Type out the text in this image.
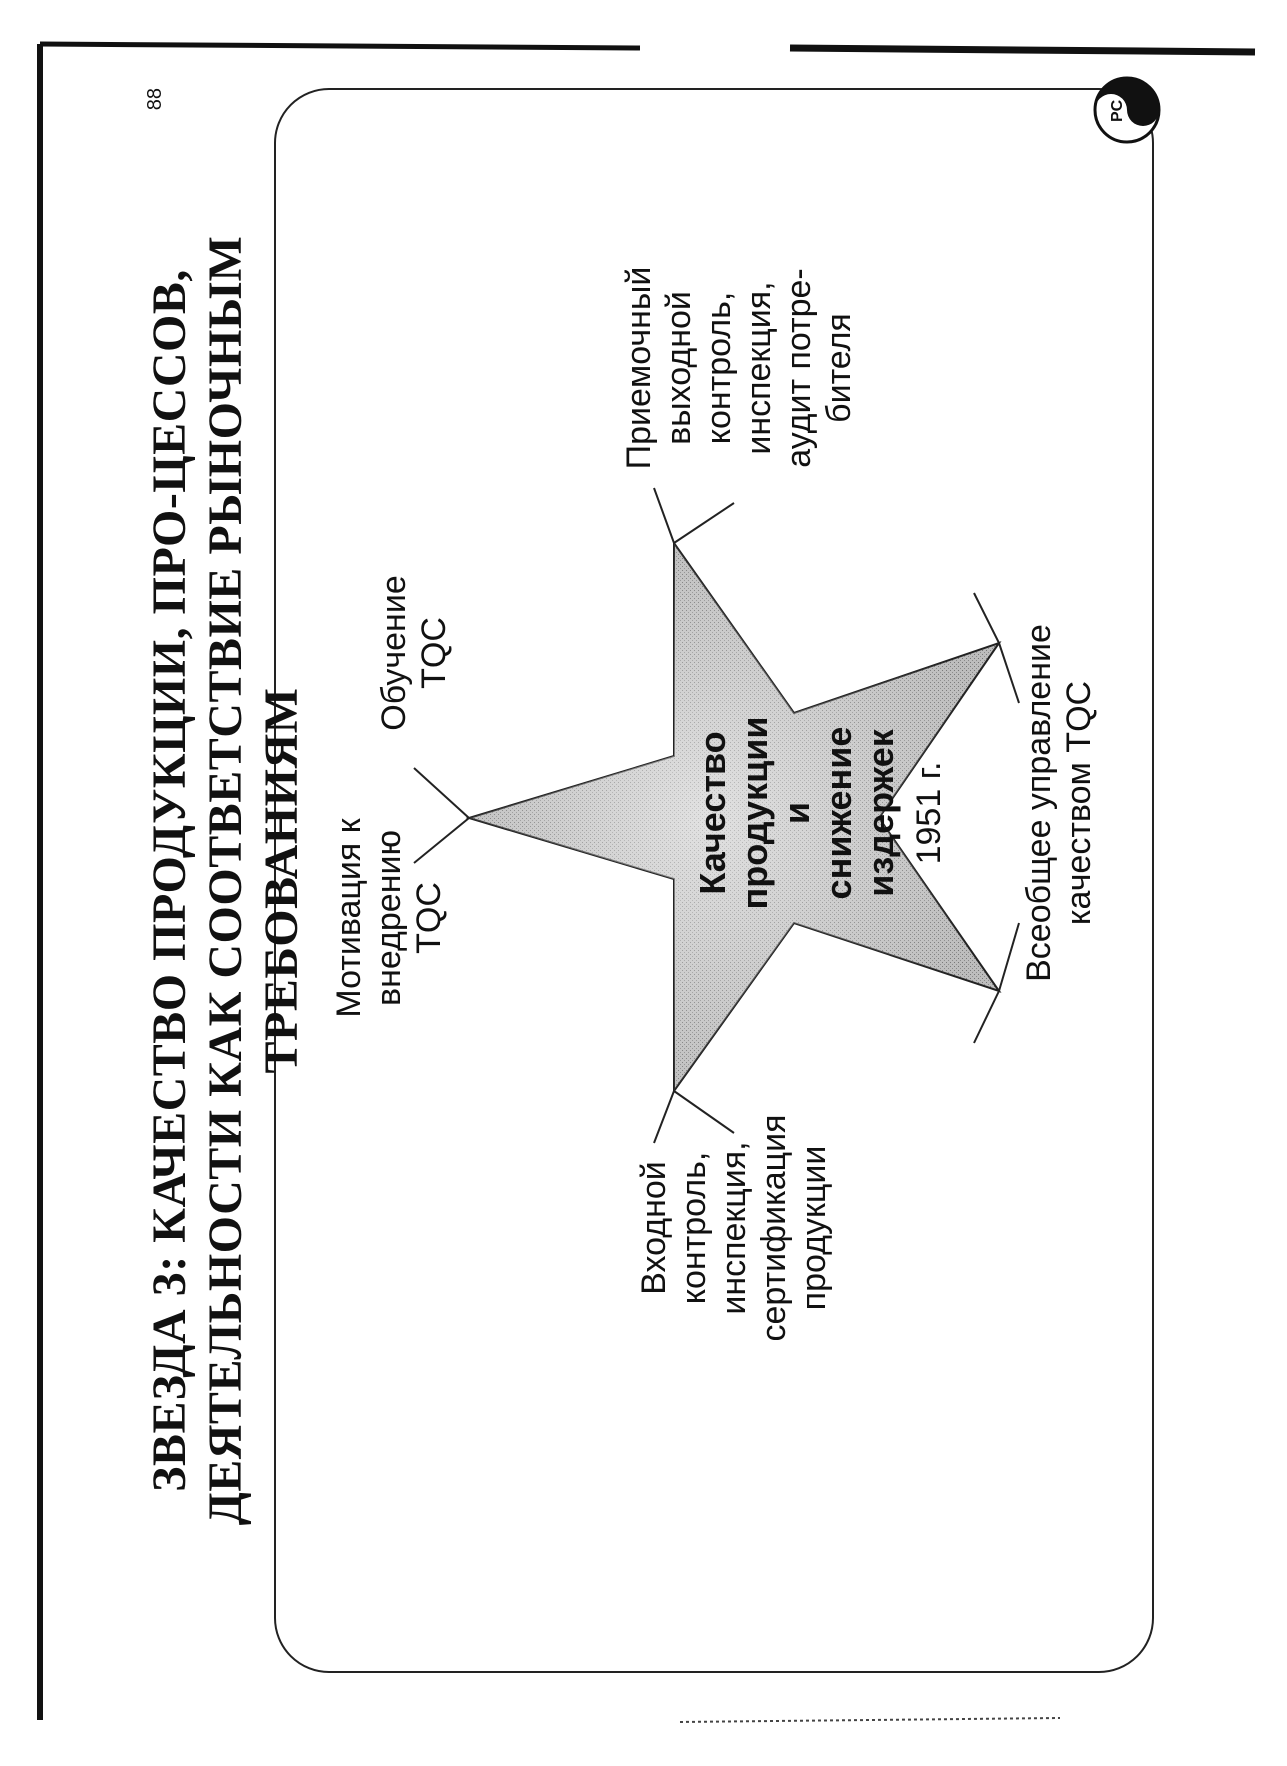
ЗВЕЗДА 3: КАЧЕСТВО ПРОДУКЦИИ, ПРО-ЦЕССОВ, ДЕЯТЕЛЬНОСТИ КАК СООТВЕТСТВИЕ РЫНОЧНЫМ ТРЕБОВАНИЯМ
88
Качество
продукции и
снижение
издержек
Мотивация к
внедрению
TQC
Обучение
TQC
Входной
контроль,
инспекция,
сертификация
продукции
Приемочный
выходной
контроль,
инспекция,
аудит потре-
бителя
1951 г.
Всеобщее управление
качеством TQC
PC
